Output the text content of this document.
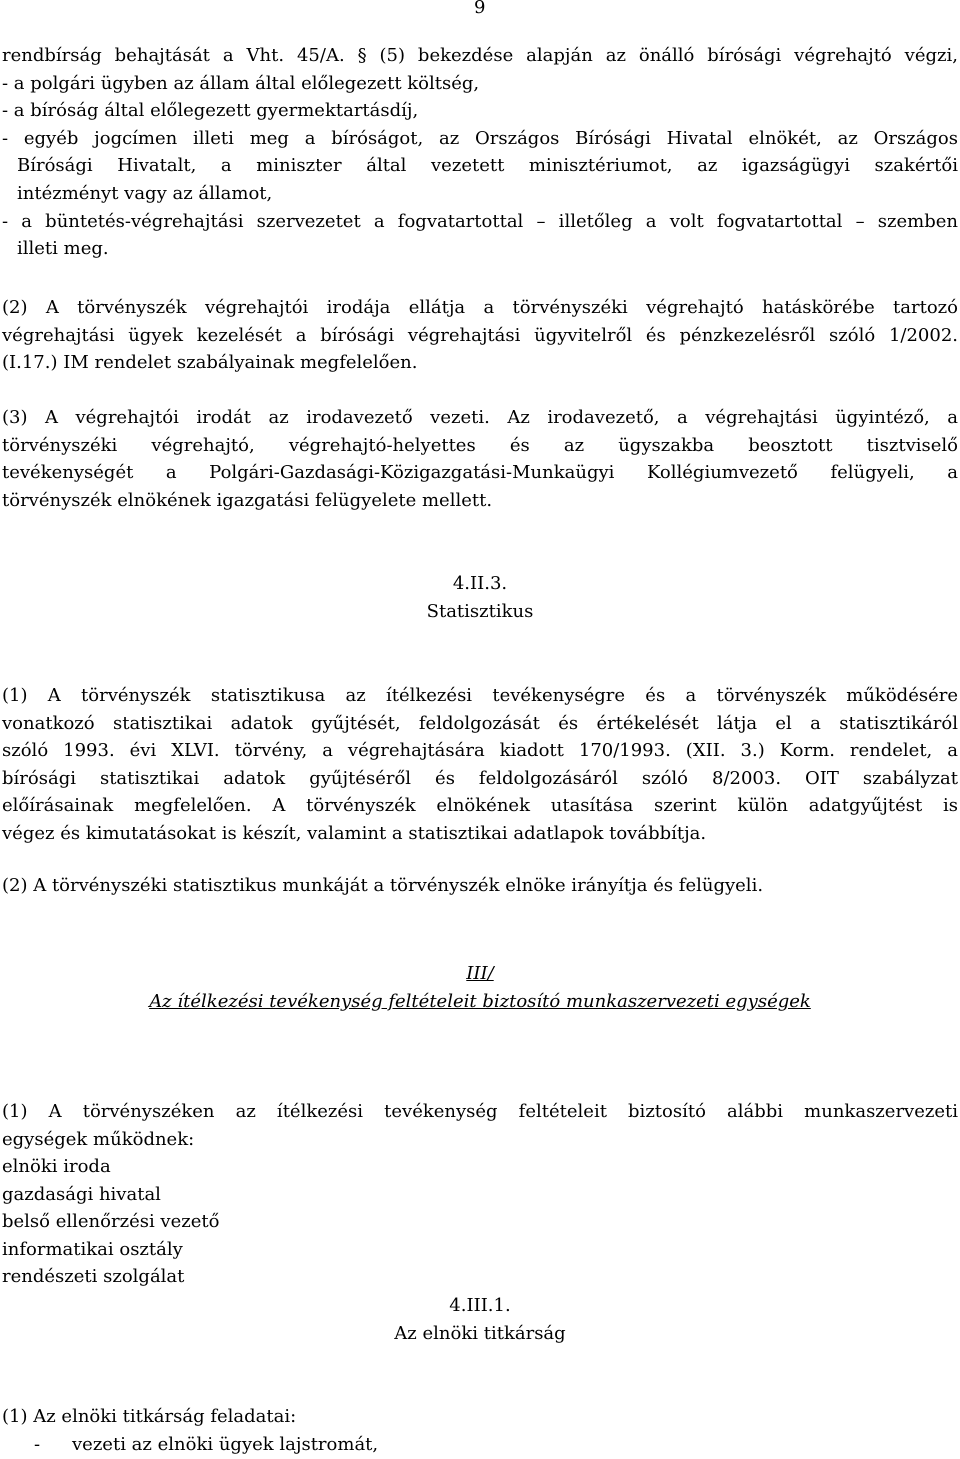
9
rendbírság behajtását a Vht. 45/A. § (5) bekezdése alapján az önálló bírósági végrehajtó végzi,
- a polgári ügyben az állam által előlegezett költség,
- a bíróság által előlegezett gyermektartásdíj,
- egyéb jogcímen illeti meg a bíróságot, az Országos Bírósági Hivatal elnökét, az Országos
Bírósági Hivatalt, a miniszter által vezetett minisztériumot, az igazságügyi szakértői
intézményt vagy az államot,
- a büntetés-végrehajtási szervezetet a fogvatartottal – illetőleg a volt fogvatartottal – szemben
illeti meg.
(2) A törvényszék végrehajtói irodája ellátja a törvényszéki végrehajtó hatáskörébe tartozó
végrehajtási ügyek kezelését a bírósági végrehajtási ügyvitelről és pénzkezelésről szóló 1/2002.
(I.17.) IM rendelet szabályainak megfelelően.
(3) A végrehajtói irodát az irodavezető vezeti. Az irodavezető, a végrehajtási ügyintéző, a
törvényszéki végrehajtó, végrehajtó-helyettes és az ügyszakba beosztott tisztviselő
tevékenységét a Polgári-Gazdasági-Közigazgatási-Munkaügyi Kollégiumvezető felügyeli, a
törvényszék elnökének igazgatási felügyelete mellett.
4.II.3.
Statisztikus
(1) A törvényszék statisztikusa az ítélkezési tevékenységre és a törvényszék működésére
vonatkozó statisztikai adatok gyűjtését, feldolgozását és értékelését látja el a statisztikáról
szóló 1993. évi XLVI. törvény, a végrehajtására kiadott 170/1993. (XII. 3.) Korm. rendelet, a
bírósági statisztikai adatok gyűjtéséről és feldolgozásáról szóló 8/2003. OIT szabályzat
előírásainak megfelelően. A törvényszék elnökének utasítása szerint külön adatgyűjtést is
végez és kimutatásokat is készít, valamint a statisztikai adatlapok továbbítja.
(2) A törvényszéki statisztikus munkáját a törvényszék elnöke irányítja és felügyeli.
III/
Az ítélkezési tevékenység feltételeit biztosító munkaszervezeti egységek
(1) A törvényszéken az ítélkezési tevékenység feltételeit biztosító alábbi munkaszervezeti
egységek működnek:
elnöki iroda
gazdasági hivatal
belső ellenőrzési vezető
informatikai osztály
rendészeti szolgálat
4.III.1.
Az elnöki titkárság
(1) Az elnöki titkárság feladatai:
- vezeti az elnöki ügyek lajstromát,
